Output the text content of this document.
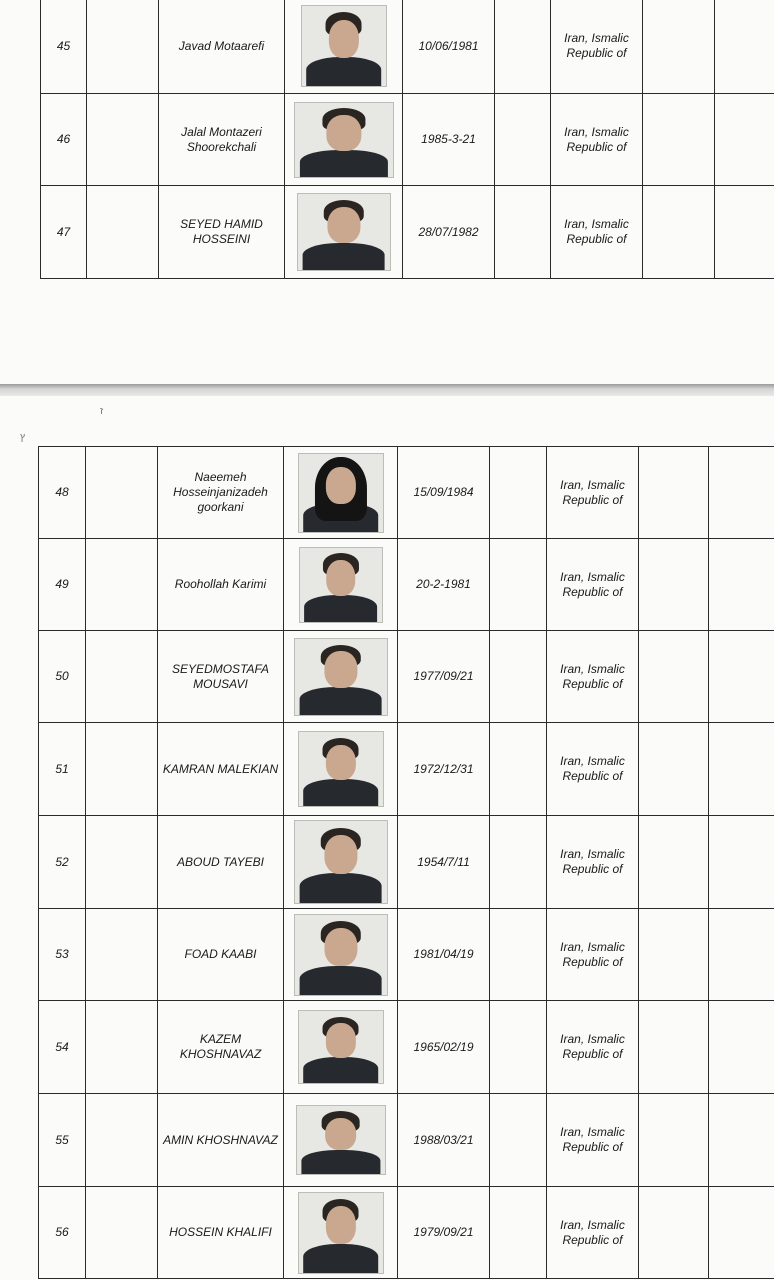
45		Javad Motaarefi		10/06/1981		Iran, Ismalic Republic of		
46		Jalal Montazeri Shoorekchali		1985-3-21		Iran, Ismalic Republic of		
47		SEYED HAMID HOSSEINI		28/07/1982		Iran, Ismalic Republic of		
ז
ץ
48		Naeemeh Hosseinjanizadeh goorkani		15/09/1984		Iran, Ismalic Republic of		
49		Roohollah Karimi		20-2-1981		Iran, Ismalic Republic of		
50		SEYEDMOSTAFA MOUSAVI		1977/09/21		Iran, Ismalic Republic of		
51		KAMRAN MALEKIAN		1972/12/31		Iran, Ismalic Republic of		
52		ABOUD TAYEBI		1954/7/11		Iran, Ismalic Republic of		
53		FOAD KAABI		1981/04/19		Iran, Ismalic Republic of		
54		KAZEM KHOSHNAVAZ		1965/02/19		Iran, Ismalic Republic of		
55		AMIN KHOSHNAVAZ		1988/03/21		Iran, Ismalic Republic of		
56		HOSSEIN KHALIFI		1979/09/21		Iran, Ismalic Republic of		
